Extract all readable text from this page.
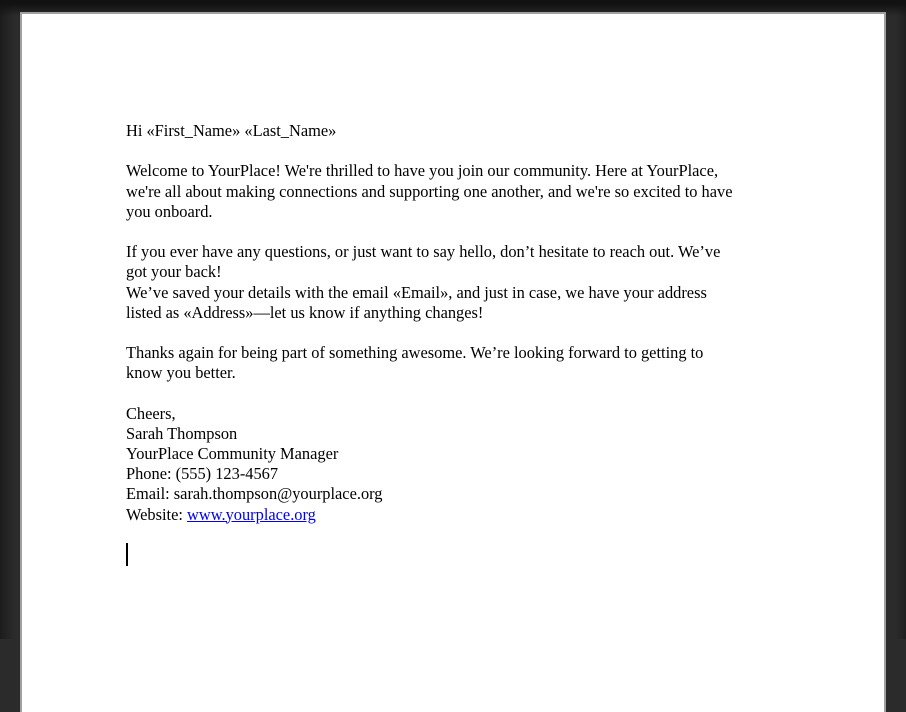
Hi «First_Name» «Last_Name»
Welcome to YourPlace! We're thrilled to have you join our community. Here at YourPlace,
we're all about making connections and supporting one another, and we're so excited to have
you onboard.
If you ever have any questions, or just want to say hello, don’t hesitate to reach out. We’ve
got your back!
We’ve saved your details with the email «Email», and just in case, we have your address
listed as «Address»—let us know if anything changes!
Thanks again for being part of something awesome. We’re looking forward to getting to
know you better.
Cheers,
Sarah Thompson
YourPlace Community Manager
Phone: (555) 123-4567
Email: sarah.thompson@yourplace.org
Website: www.yourplace.org
